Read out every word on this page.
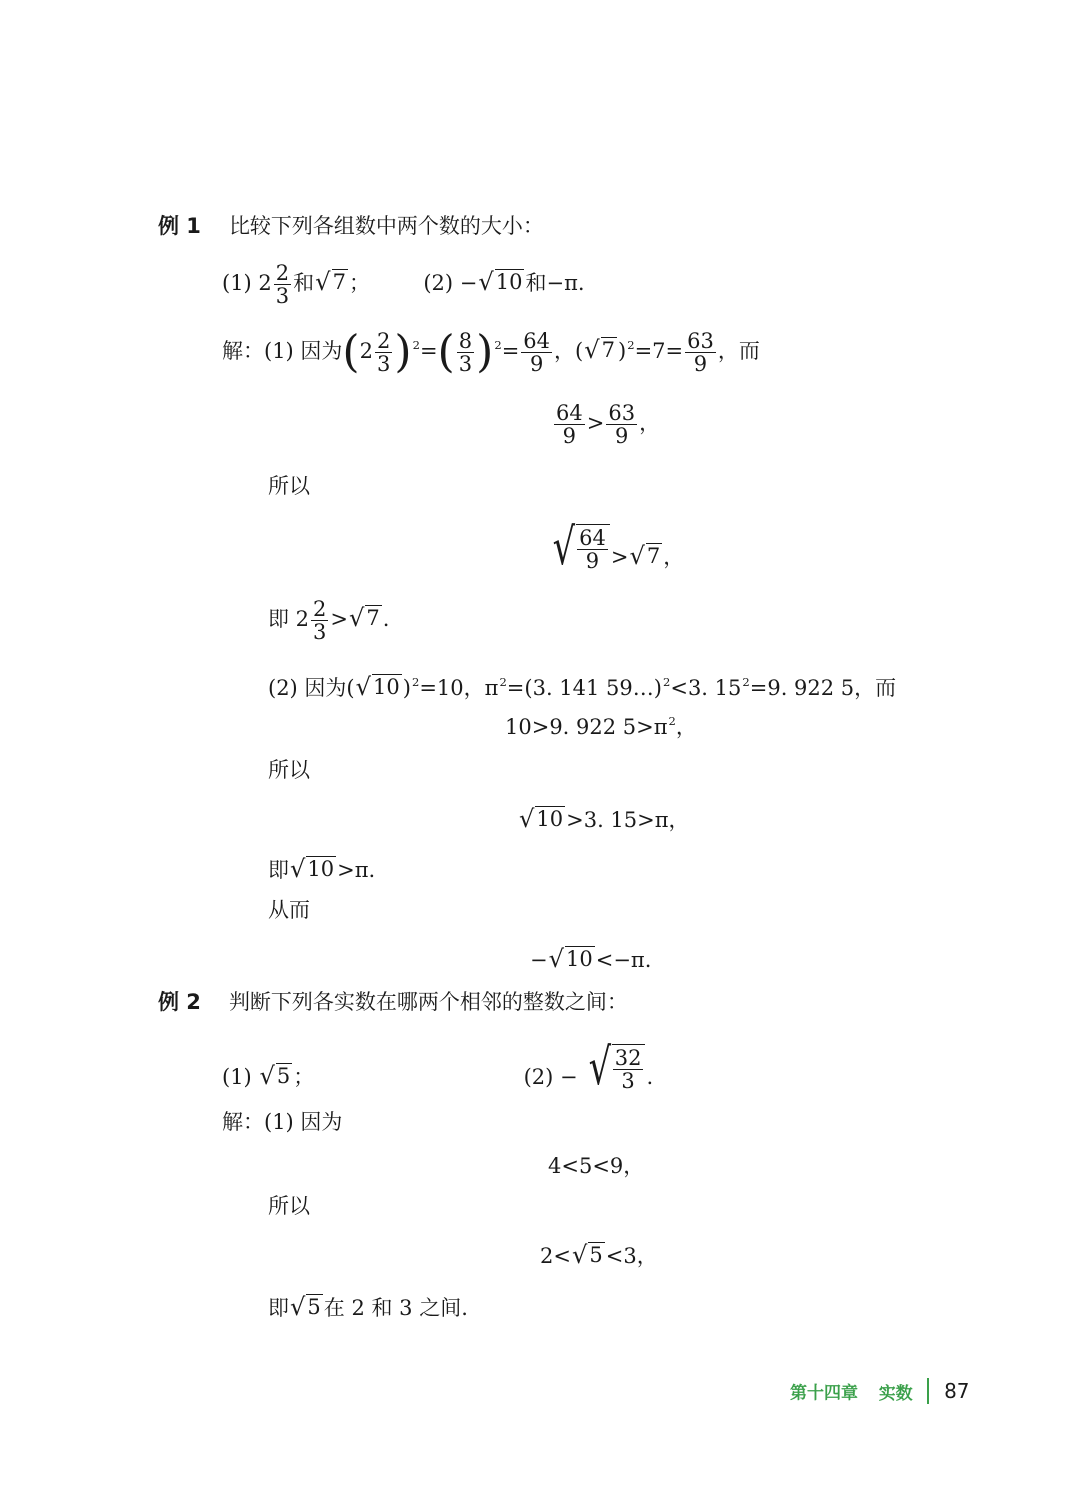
例 1 比较下列各组数中两个数的大小：
(1) $2 \frac{2}{3}$ 和 √ 7 ；  (2) − √ 10 和−π.
解：(1) 因为$(2 \frac{2}{3} )^2=( \frac{8}{3} )^2= \frac{64}{9}$ ，( √ 7 )$^2=7= \frac{63}{9}$ ，而
$\frac{64}{9} > \frac{63}{9}$ ，
所以
√ $\frac{64}{9}$ > √ 7 ，
即 $2 \frac{2}{3}$ > √ 7 .
(2) 因为( √ 10 )$^2$=10，$\pi^2=(3$. 141 59…)$^2$<3. $15^2=9$. 922 5，而
10>9. 922 $5>\pi^2$，
所以
√ 10 >3. 15>π，
即 √ 10 >π.
从而
− √ 10 <−π.
例 2 判断下列各实数在哪两个相邻的整数之间：
(1) √ 5 ；	(2) − √ $\frac{32}{3}$ .
解：(1) 因为
4<5<9，
所以
2< √ 5 <3，
即 √ 5 在 2 和 3 之间.
第十四章 实数 87
